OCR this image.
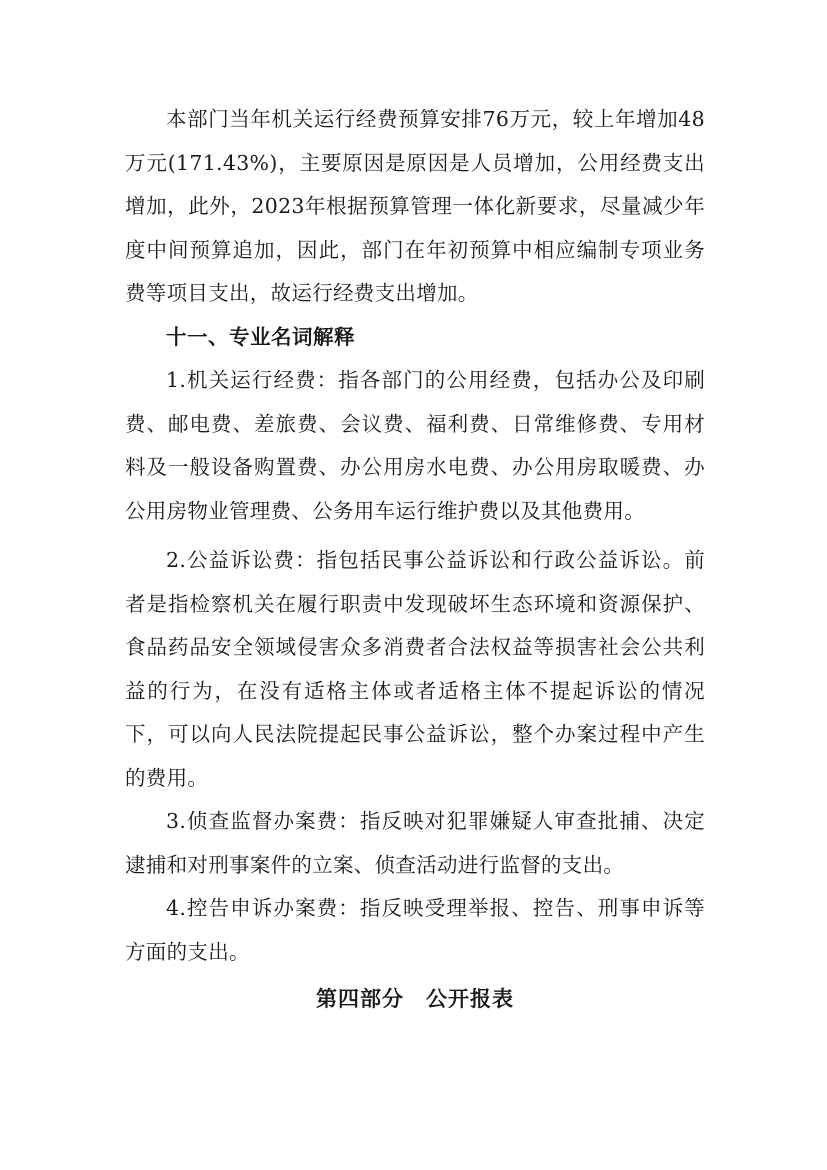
本部门当年机关运行经费预算安排76万元，较上年增加48万元(171.43%)，主要原因是原因是人员增加，公用经费支出增加，此外，2023年根据预算管理一体化新要求，尽量减少年度中间预算追加，因此，部门在年初预算中相应编制专项业务费等项目支出，故运行经费支出增加。

十一、专业名词解释

1.机关运行经费：指各部门的公用经费，包括办公及印刷费、邮电费、差旅费、会议费、福利费、日常维修费、专用材料及一般设备购置费、办公用房水电费、办公用房取暖费、办公用房物业管理费、公务用车运行维护费以及其他费用。

2.公益诉讼费：指包括民事公益诉讼和行政公益诉讼。前者是指检察机关在履行职责中发现破坏生态环境和资源保护、食品药品安全领域侵害众多消费者合法权益等损害社会公共利益的行为，在没有适格主体或者适格主体不提起诉讼的情况下，可以向人民法院提起民事公益诉讼，整个办案过程中产生的费用。

3.侦查监督办案费：指反映对犯罪嫌疑人审查批捕、决定逮捕和对刑事案件的立案、侦查活动进行监督的支出。

4.控告申诉办案费：指反映受理举报、控告、刑事申诉等方面的支出。

第四部分 公开报表
